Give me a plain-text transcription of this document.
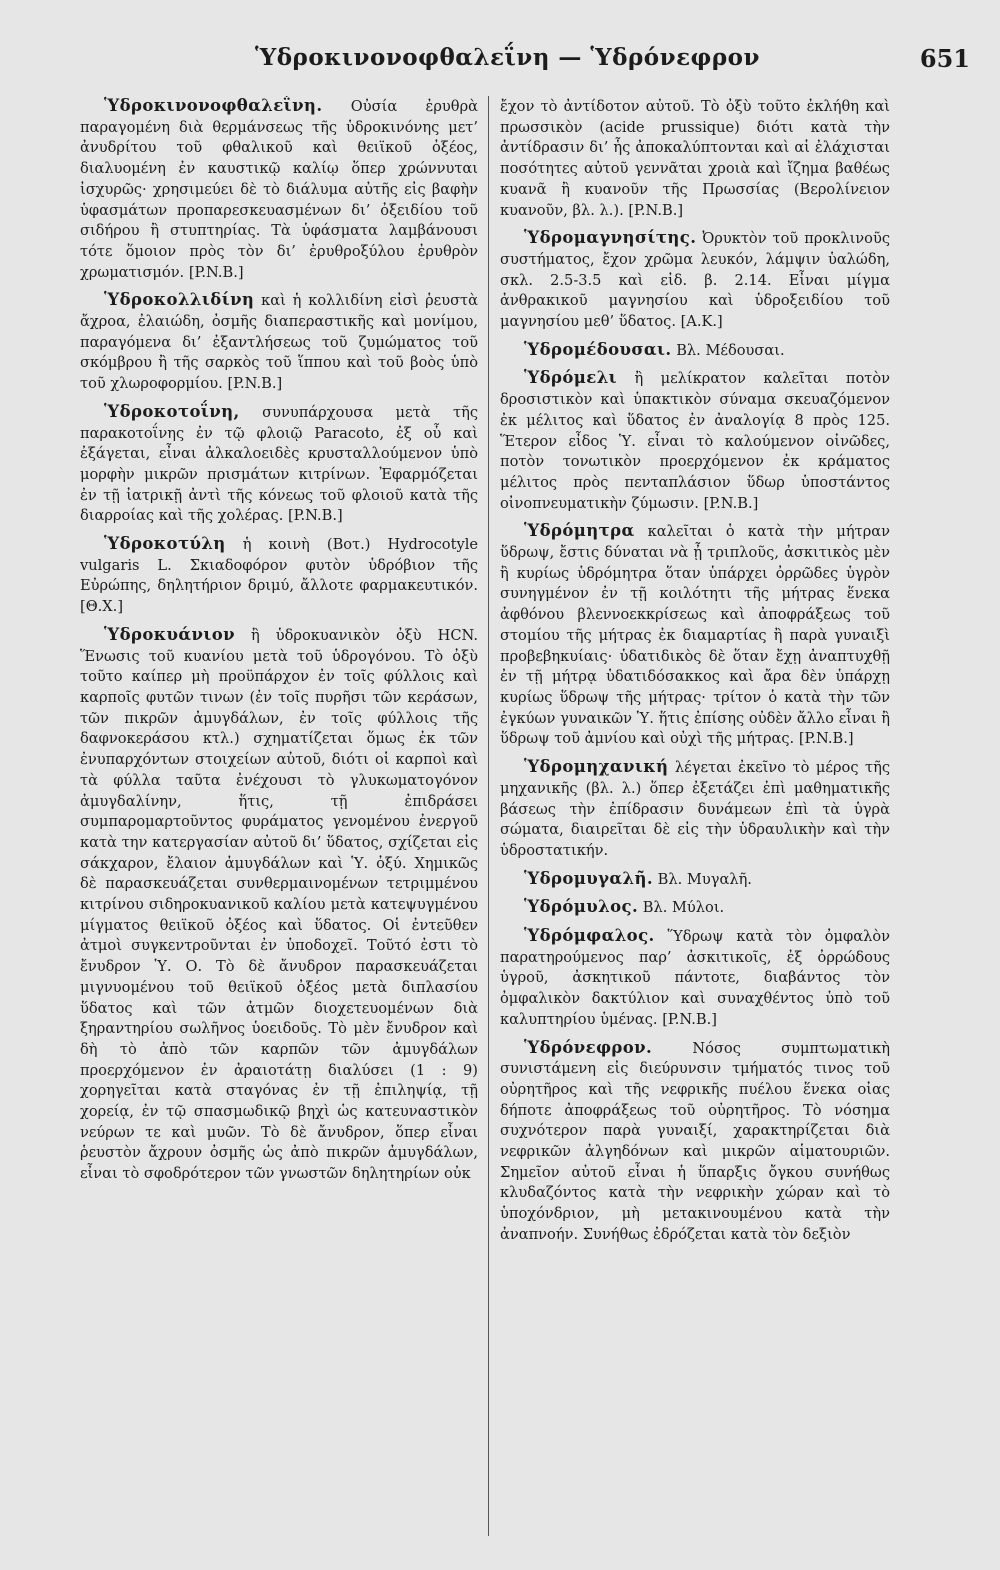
Ὑδροκινονοφθαλεΐνη — Ὑδρόνεφρον	651

Ὑδροκινονοφθαλεΐνη. Οὐσία ἐρυθρὰ παραγομένη διὰ θερμάνσεως τῆς ὑδροκινόνης μετ’ ἀνυδρίτου τοῦ φθαλικοῦ καὶ θειϊκοῦ ὀξέος, διαλυομένη ἐν καυστικῷ καλίῳ ὅπερ χρώννυται ἰσχυρῶς· χρησιμεύει δὲ τὸ διάλυμα αὐτῆς εἰς βαφὴν ὑφασμάτων προπαρεσκευασμένων δι’ ὀξειδίου τοῦ σιδήρου ἢ στυπτηρίας. Τὰ ὑφάσματα λαμβάνουσι τότε ὅμοιον πρὸς τὸν δι’ ἐρυθροξύλου ἐρυθρὸν χρωματισμόν. [P.N.B.]

Ὑδροκολλιδίνη καὶ ἡ κολλιδίνη εἰσὶ ῥευστὰ ἄχροα, ἐλαιώδη, ὀσμῆς διαπεραστικῆς καὶ μονίμου, παραγόμενα δι’ ἐξαντλήσεως τοῦ ζυμώματος τοῦ σκόμβρου ἢ τῆς σαρκὸς τοῦ ἵππου καὶ τοῦ βοὸς ὑπὸ τοῦ χλωροφορμίου. [P.N.B.]

Ὑδροκοτοΐνη, συνυπάρχουσα μετὰ τῆς παρακοτοΐνης ἐν τῷ φλοιῷ Paracoto, ἐξ οὗ καὶ ἐξάγεται, εἶναι ἀλκαλοειδὲς κρυσταλλούμενον ὑπὸ μορφὴν μικρῶν πρισμάτων κιτρίνων. Ἐφαρμόζεται ἐν τῇ ἰατρικῇ ἀντὶ τῆς κόνεως τοῦ φλοιοῦ κατὰ τῆς διαρροίας καὶ τῆς χολέρας. [P.N.B.]

Ὑδροκοτύλη ἡ κοινὴ (Βοτ.) Hydrocotyle vulgaris L. Σκιαδοφόρον φυτὸν ὑδρόβιον τῆς Εὐρώπης, δηλητήριον δριμύ, ἄλλοτε φαρμακευτικόν. [Θ.Χ.]

Ὑδροκυάνιον ἢ ὑδροκυανικὸν ὀξὺ HCN. Ἕνωσις τοῦ κυανίου μετὰ τοῦ ὑδρογόνου. Τὸ ὀξὺ τοῦτο καίπερ μὴ προϋπάρχον ἐν τοῖς φύλλοις καὶ καρποῖς φυτῶν τινων (ἐν τοῖς πυρῆσι τῶν κεράσων, τῶν πικρῶν ἀμυγδάλων, ἐν τοῖς φύλλοις τῆς δαφνοκεράσου κτλ.) σχηματίζεται ὅμως ἐκ τῶν ἐνυπαρχόντων στοιχείων αὐτοῦ, διότι οἱ καρποὶ καὶ τὰ φύλλα ταῦτα ἐνέχουσι τὸ γλυκωματογόνον ἀμυγδαλίνην, ἥτις, τῇ ἐπιδράσει συμπαρομαρτοῦντος φυράματος γενομένου ἐνεργοῦ κατὰ την κατεργασίαν αὐτοῦ δι’ ὕδατος, σχίζεται εἰς σάκχαρον, ἔλαιον ἀμυγδάλων καὶ Ὑ. ὀξύ. Χημικῶς δὲ παρασκευάζεται συνθερμαινομένων τετριμμένου κιτρίνου σιδηροκυανικοῦ καλίου μετὰ κατεψυγμένου μίγματος θειϊκοῦ ὀξέος καὶ ὕδατος. Οἱ ἐντεῦθεν ἀτμοὶ συγκεντροῦνται ἐν ὑποδοχεῖ. Τοῦτό ἐστι τὸ ἔνυδρον Ὑ. Ο. Τὸ δὲ ἄνυδρον παρασκευάζεται μιγνυομένου τοῦ θειϊκοῦ ὀξέος μετὰ διπλασίου ὕδατος καὶ τῶν ἀτμῶν διοχετευομένων διὰ ξηραντηρίου σωλῆνος ὑοειδοῦς. Τὸ μὲν ἔνυδρον καὶ δὴ τὸ ἀπὸ τῶν καρπῶν τῶν ἀμυγδάλων προερχόμενον ἐν ἀραιοτάτῃ διαλύσει (1 : 9) χορηγεῖται κατὰ σταγόνας ἐν τῇ ἐπιληψίᾳ, τῇ χορείᾳ, ἐν τῷ σπασμωδικῷ βηχὶ ὡς κατευναστικὸν νεύρων τε καὶ μυῶν. Τὸ δὲ ἄνυδρον, ὅπερ εἶναι ῥευστὸν ἄχρουν ὀσμῆς ὡς ἀπὸ πικρῶν ἀμυγδάλων, εἶναι τὸ σφοδρότερον τῶν γνωστῶν δηλητηρίων οὐκ

ἔχον τὸ ἀντίδοτον αὐτοῦ. Τὸ ὀξὺ τοῦτο ἐκλήθη καὶ πρωσσικὸν (acide prussique) διότι κατὰ τὴν ἀντίδρασιν δι’ ἧς ἀποκαλύπτονται καὶ αἱ ἐλάχισται ποσότητες αὐτοῦ γεννᾶται χροιὰ καὶ ἴζημα βαθέως κυανᾶ ἢ κυανοῦν τῆς Πρωσσίας (Βερολίνειον κυανοῦν, βλ. λ.). [P.N.B.]

Ὑδρομαγνησίτης. Ὀρυκτὸν τοῦ προκλινοῦς συστήματος, ἔχον χρῶμα λευκόν, λάμψιν ὑαλώδη, σκλ. 2.5-3.5 καὶ εἰδ. β. 2.14. Εἶναι μίγμα ἀνθρακικοῦ μαγνησίου καὶ ὑδροξειδίου τοῦ μαγνησίου μεθ’ ὕδατος. [A.K.]

Ὑδρομέδουσαι. Βλ. Μέδουσαι.

Ὑδρόμελι ἢ μελίκρατον καλεῖται ποτὸν δροσιστικὸν καὶ ὑπακτικὸν σύναμα σκευαζόμενον ἐκ μέλιτος καὶ ὕδατος ἐν ἀναλογίᾳ 8 πρὸς 125. Ἕτερον εἶδος Ὑ. εἶναι τὸ καλούμενον οἰνῶδες, ποτὸν τονωτικὸν προερχόμενον ἐκ κράματος μέλιτος πρὸς πενταπλάσιον ὕδωρ ὑποστάντος οἰνοπνευματικὴν ζύμωσιν. [P.N.B.]

Ὑδρόμητρα καλεῖται ὁ κατὰ τὴν μήτραν ὕδρωψ, ἔστις δύναται νὰ ᾖ τριπλοῦς, ἀσκιτικὸς μὲν ἢ κυρίως ὑδρόμητρα ὅταν ὑπάρχει ὀρρῶδες ὑγρὸν συνηγμένον ἐν τῇ κοιλότητι τῆς μήτρας ἕνεκα ἀφθόνου βλεννοεκκρίσεως καὶ ἀποφράξεως τοῦ στομίου τῆς μήτρας ἐκ διαμαρτίας ἢ παρὰ γυναιξὶ προβεβηκυίαις· ὑδατιδικὸς δὲ ὅταν ἔχῃ ἀναπτυχθῇ ἐν τῇ μήτρᾳ ὑδατιδόσακκος καὶ ἄρα δὲν ὑπάρχῃ κυρίως ὕδρωψ τῆς μήτρας· τρίτον ὁ κατὰ τὴν τῶν ἐγκύων γυναικῶν Ὑ. ἥτις ἐπίσης οὐδὲν ἄλλο εἶναι ἢ ὕδρωψ τοῦ ἀμνίου καὶ οὐχὶ τῆς μήτρας. [P.N.B.]

Ὑδρομηχανική λέγεται ἐκεῖνο τὸ μέρος τῆς μηχανικῆς (βλ. λ.) ὅπερ ἐξετάζει ἐπὶ μαθηματικῆς βάσεως τὴν ἐπίδρασιν δυνάμεων ἐπὶ τὰ ὑγρὰ σώματα, διαιρεῖται δὲ εἰς τὴν ὑδραυλικὴν καὶ τὴν ὑδροστατικήν.

Ὑδρομυγαλῆ. Βλ. Μυγαλῆ.

Ὑδρόμυλος. Βλ. Μύλοι.

Ὑδρόμφαλος. Ὕδρωψ κατὰ τὸν ὀμφαλὸν παρατηρούμενος παρ’ ἀσκιτικοῖς, ἐξ ὀρρώδους ὑγροῦ, ἀσκητικοῦ πάντοτε, διαβάντος τὸν ὀμφαλικὸν δακτύλιον καὶ συναχθέντος ὑπὸ τοῦ καλυπτηρίου ὑμένας. [P.N.B.]

Ὑδρόνεφρον. Νόσος συμπτωματικὴ συνιστάμενη εἰς διεύρυνσιν τμήματός τινος τοῦ οὐρητῆρος καὶ τῆς νεφρικῆς πυέλου ἕνεκα οἰας δήποτε ἀποφράξεως τοῦ οὐρητῆρος. Τὸ νόσημα συχνότερον παρὰ γυναιξί, χαρακτηρίζεται διὰ νεφρικῶν ἀλγηδόνων καὶ μικρῶν αἱματουριῶν. Σημεῖον αὐτοῦ εἶναι ἡ ὕπαρξις ὄγκου συνήθως κλυδαζόντος κατὰ τὴν νεφρικὴν χώραν καὶ τὸ ὑποχόνδριον, μὴ μετακινουμένου κατὰ τὴν ἀναπνοήν. Συνήθως ἐδρόζεται κατὰ τὸν δεξιὸν
